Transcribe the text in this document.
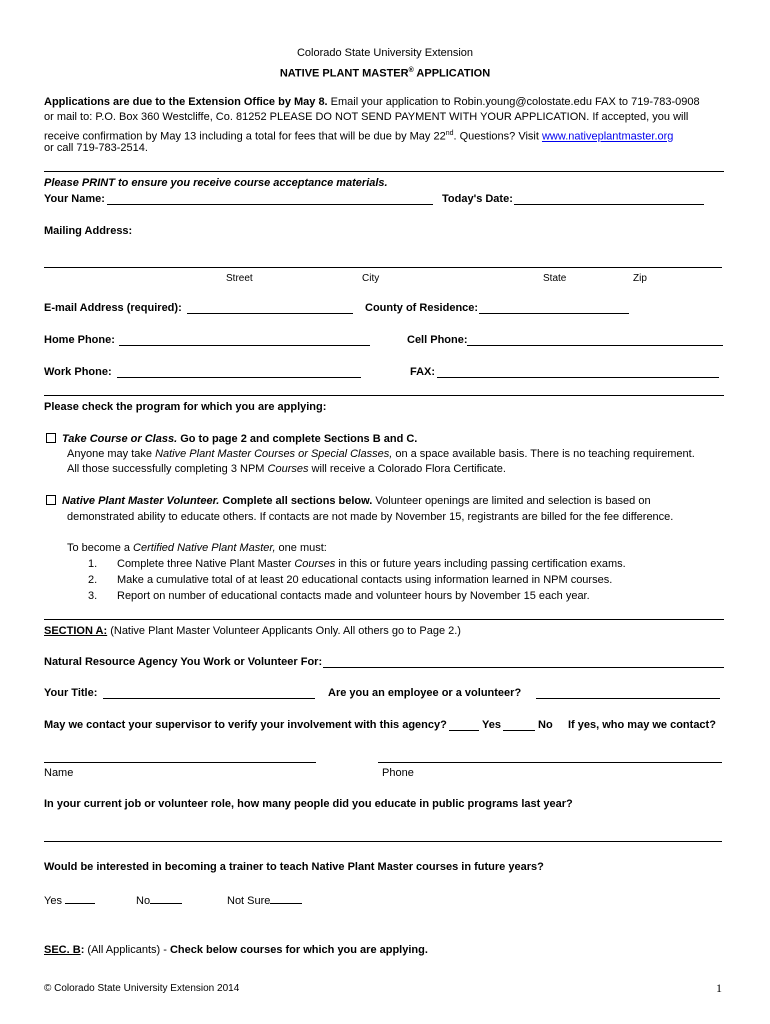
Colorado State University Extension
NATIVE PLANT MASTER® APPLICATION
Applications are due to the Extension Office by May 8. Email your application to Robin.young@colostate.edu FAX to 719-783-0908
or mail to: P.O. Box 360 Westcliffe, Co. 81252 PLEASE DO NOT SEND PAYMENT WITH YOUR APPLICATION. If accepted, you will
receive confirmation by May 13 including a total for fees that will be due by May 22nd. Questions? Visit www.nativeplantmaster.org
or call 719-783-2514.
Please PRINT to ensure you receive course acceptance materials.
Your Name:	Today's Date:
Mailing Address:
Street	City	State	Zip
E-mail Address (required):	County of Residence:
Home Phone:	Cell Phone:
Work Phone:	FAX:
Please check the program for which you are applying:
Take Course or Class. Go to page 2 and complete Sections B and C.
Anyone may take Native Plant Master Courses or Special Classes, on a space available basis. There is no teaching requirement.
All those successfully completing 3 NPM Courses will receive a Colorado Flora Certificate.
Native Plant Master Volunteer. Complete all sections below. Volunteer openings are limited and selection is based on
demonstrated ability to educate others. If contacts are not made by November 15, registrants are billed for the fee difference.
To become a Certified Native Plant Master, one must:
1. Complete three Native Plant Master Courses in this or future years including passing certification exams.
2. Make a cumulative total of at least 20 educational contacts using information learned in NPM courses.
3. Report on number of educational contacts made and volunteer hours by November 15 each year.
SECTION A: (Native Plant Master Volunteer Applicants Only. All others go to Page 2.)
Natural Resource Agency You Work or Volunteer For:
Your Title:	Are you an employee or a volunteer?
May we contact your supervisor to verify your involvement with this agency?	Yes	No If yes, who may we contact?
Name	Phone
In your current job or volunteer role, how many people did you educate in public programs last year?
Would be interested in becoming a trainer to teach Native Plant Master courses in future years?
Yes	No	Not Sure
SEC. B: (All Applicants) - Check below courses for which you are applying.
© Colorado State University Extension 2014	1
